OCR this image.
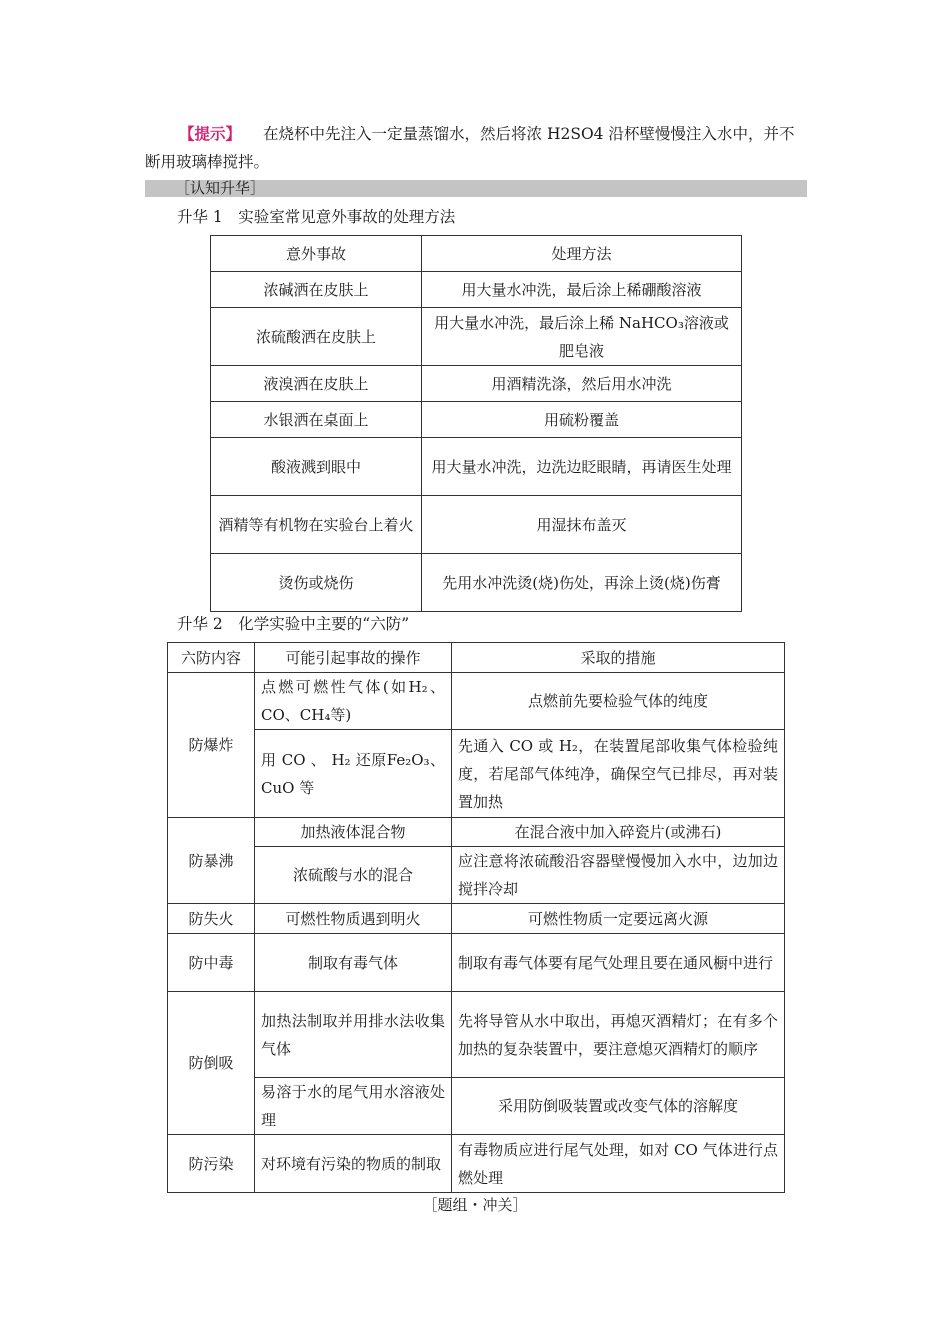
【提示】 在烧杯中先注入一定量蒸馏水，然后将浓 H2SO4 沿杯壁慢慢注入水中，并不断用玻璃棒搅拌。
［认知升华］
升华 1　实验室常见意外事故的处理方法
意外事故	处理方法
浓碱洒在皮肤上	用大量水冲洗，最后涂上稀硼酸溶液
浓硫酸洒在皮肤上	用大量水冲洗，最后涂上稀 NaHCO₃溶液或肥皂液
液溴洒在皮肤上	用酒精洗涤，然后用水冲洗
水银洒在桌面上	用硫粉覆盖
酸液溅到眼中	用大量水冲洗，边洗边眨眼睛，再请医生处理
酒精等有机物在实验台上着火	用湿抹布盖灭
烫伤或烧伤	先用水冲洗烫(烧)伤处，再涂上烫(烧)伤膏
升华 2　化学实验中主要的“六防”
六防内容	可能引起事故的操作	采取的措施
防爆炸	点燃可燃性气体(如H₂、CO、CH₄等)	点燃前先要检验气体的纯度
	用 CO 、 H₂ 还原Fe₂O₃、CuO 等	先通入 CO 或 H₂，在装置尾部收集气体检验纯度，若尾部气体纯净，确保空气已排尽，再对装置加热
防暴沸	加热液体混合物	在混合液中加入碎瓷片(或沸石)
	浓硫酸与水的混合	应注意将浓硫酸沿容器壁慢慢加入水中，边加边搅拌冷却
防失火	可燃性物质遇到明火	可燃性物质一定要远离火源
防中毒	制取有毒气体	制取有毒气体要有尾气处理且要在通风橱中进行
防倒吸	加热法制取并用排水法收集气体	先将导管从水中取出，再熄灭酒精灯；在有多个加热的复杂装置中，要注意熄灭酒精灯的顺序
	易溶于水的尾气用水溶液处理	采用防倒吸装置或改变气体的溶解度
防污染	对环境有污染的物质的制取	有毒物质应进行尾气处理，如对 CO 气体进行点燃处理
［题组・冲关］
